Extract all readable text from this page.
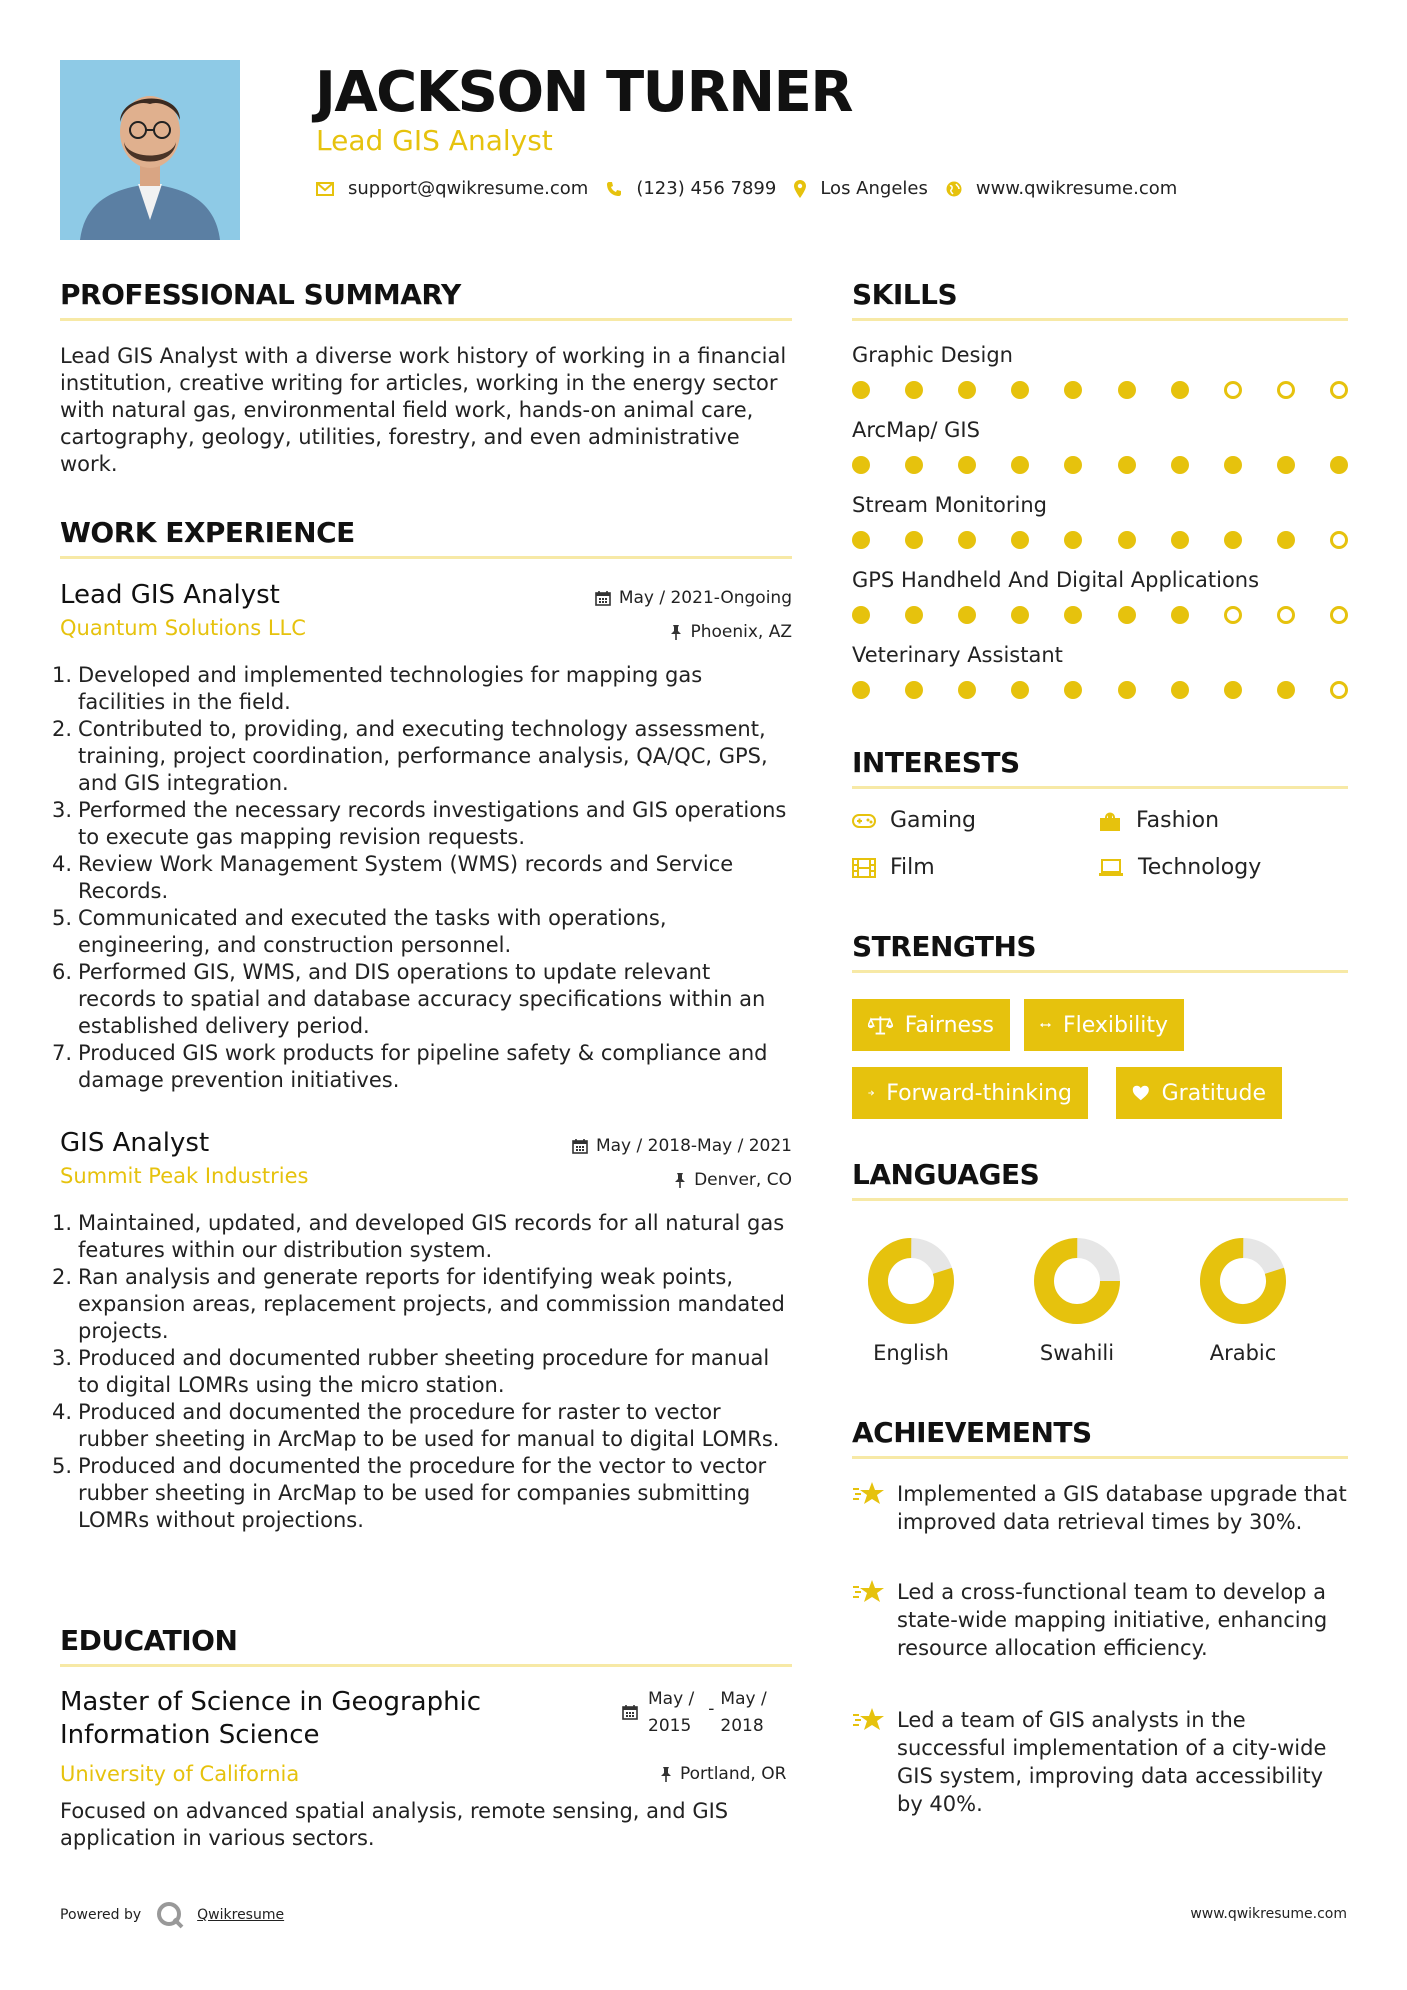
JACKSON TURNER
Lead GIS Analyst
support@qwikresume.com	(123) 456 7899 Los Angeles	www.qwikresume.com
PROFESSIONAL SUMMARY
Lead GIS Analyst with a diverse work history of working in a financial institution, creative writing for articles, working in the energy sector with natural gas, environmental field work, hands-on animal care, cartography, geology, utilities, forestry, and even administrative work.
WORK EXPERIENCE
Lead GIS Analyst
Quantum Solutions LLC
May / 2021-Ongoing
Phoenix, AZ
1. Developed and implemented technologies for mapping gas facilities in the field.
2. Contributed to, providing, and executing technology assessment, training, project coordination, performance analysis, QA/QC, GPS, and GIS integration.
3. Performed the necessary records investigations and GIS operations to execute gas mapping revision requests.
4. Review Work Management System (WMS) records and Service Records.
5. Communicated and executed the tasks with operations, engineering, and construction personnel.
6. Performed GIS, WMS, and DIS operations to update relevant records to spatial and database accuracy specifications within an established delivery period.
7. Produced GIS work products for pipeline safety & compliance and damage prevention initiatives.
GIS Analyst
Summit Peak Industries
May / 2018-May / 2021
Denver, CO
1. Maintained, updated, and developed GIS records for all natural gas features within our distribution system.
2. Ran analysis and generate reports for identifying weak points, expansion areas, replacement projects, and commission mandated projects.
3. Produced and documented rubber sheeting procedure for manual to digital LOMRs using the micro station.
4. Produced and documented the procedure for raster to vector rubber sheeting in ArcMap to be used for manual to digital LOMRs.
5. Produced and documented the procedure for the vector to vector rubber sheeting in ArcMap to be used for companies submitting LOMRs without projections.
EDUCATION
Master of Science in Geographic
Information Science
May /
2015
- May /
2018
University of California	Portland, OR
Focused on advanced spatial analysis, remote sensing, and GIS application in various sectors.
SKILLS
Graphic Design
ArcMap/ GIS
Stream Monitoring
GPS Handheld And Digital Applications
Veterinary Assistant
INTERESTS
Gaming	Fashion
Film	Technology
STRENGTHS
Fairness	Flexibility
Forward-thinking	Gratitude
LANGUAGES
English	Swahili	Arabic
ACHIEVEMENTS
Implemented a GIS database upgrade that improved data retrieval times by 30%.
Led a cross-functional team to develop a state-wide mapping initiative, enhancing resource allocation efficiency.
Led a team of GIS analysts in the successful implementation of a city-wide GIS system, improving data accessibility by 40%.
Powered by	Qwikresume	www.qwikresume.com
